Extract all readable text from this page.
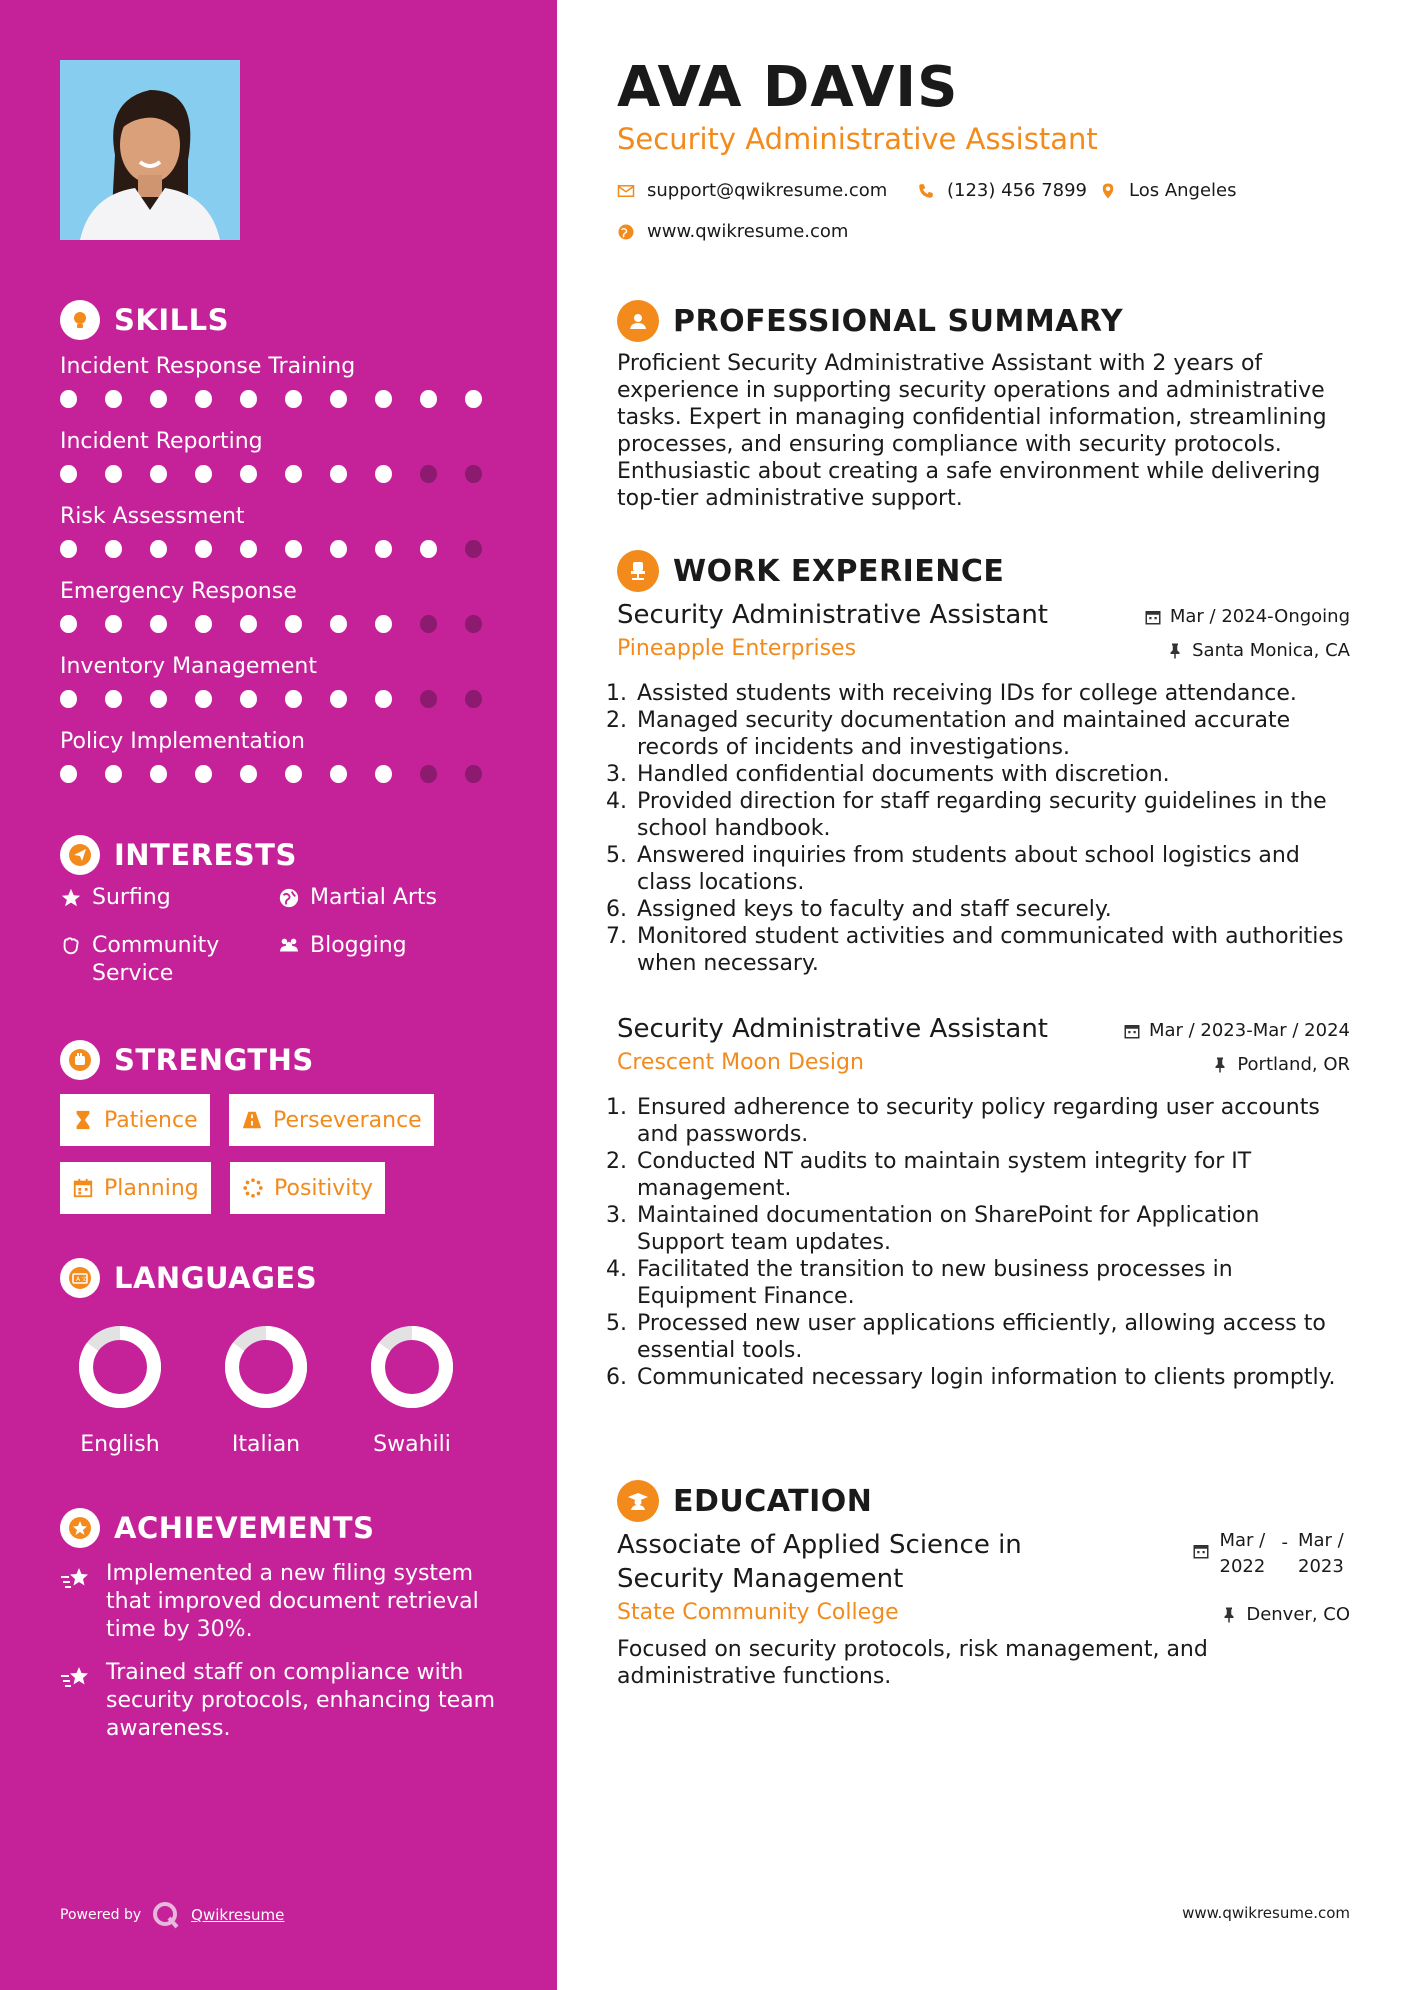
SKILLS
Incident Response Training
Incident Reporting
Risk Assessment
Emergency Response
Inventory Management
Policy Implementation
INTERESTS
Surfing	Martial Arts
Community Service
Blogging
STRENGTHS
Patience	Perseverance
Planning	Positivity
A 文 LANGUAGES
English	Italian	Swahili
ACHIEVEMENTS
Implemented a new filing system that improved document retrieval time by 30%.
Trained staff on compliance with security protocols, enhancing team awareness.
Powered by	Qwikresume
AVA DAVIS
Security Administrative Assistant
support@qwikresume.com	(123) 456 7899 Los Angeles
www.qwikresume.com
PROFESSIONAL SUMMARY
Proficient Security Administrative Assistant with 2 years of experience in supporting security operations and administrative tasks. Expert in managing confidential information, streamlining processes, and ensuring compliance with security protocols. Enthusiastic about creating a safe environment while delivering top-tier administrative support.
WORK EXPERIENCE
Security Administrative Assistant	Mar / 2024-Ongoing
Pineapple Enterprises	Santa Monica, CA
1. Assisted students with receiving IDs for college attendance.
2. Managed security documentation and maintained accurate records of incidents and investigations.
3. Handled confidential documents with discretion.
4. Provided direction for staff regarding security guidelines in the school handbook.
5. Answered inquiries from students about school logistics and class locations.
6. Assigned keys to faculty and staff securely.
7. Monitored student activities and communicated with authorities when necessary.
Security Administrative Assistant	Mar / 2023-Mar / 2024
Crescent Moon Design	Portland, OR
1. Ensured adherence to security policy regarding user accounts and passwords.
2. Conducted NT audits to maintain system integrity for IT management.
3. Maintained documentation on SharePoint for Application Support team updates.
4. Facilitated the transition to new business processes in Equipment Finance.
5. Processed new user applications efficiently, allowing access to essential tools.
6. Communicated necessary login information to clients promptly.
EDUCATION
Associate of Applied Science in Security Management
Mar / 2022
- Mar / 2023
State Community College	Denver, CO
Focused on security protocols, risk management, and administrative functions.
www.qwikresume.com
